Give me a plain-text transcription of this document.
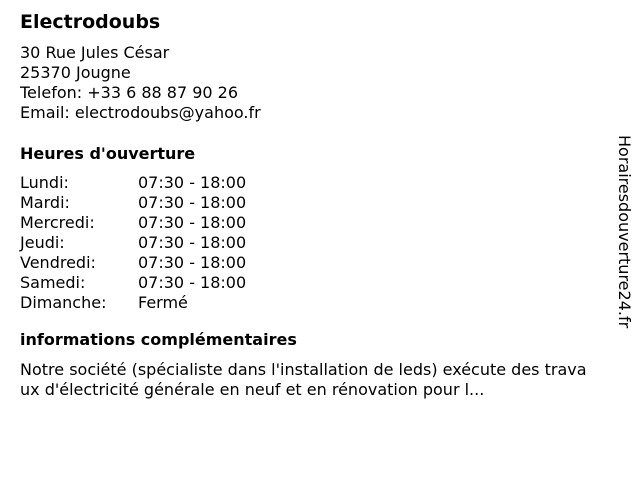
Electrodoubs
30 Rue Jules César
25370 Jougne
Telefon: +33 6 88 87 90 26
Email: electrodoubs@yahoo.fr
Heures d'ouverture
Lundi:	07:30 - 18:00
Mardi:	07:30 - 18:00
Mercredi:	07:30 - 18:00
Jeudi:	07:30 - 18:00
Vendredi:	07:30 - 18:00
Samedi:	07:30 - 18:00
Dimanche:	Fermé
informations complémentaires
Notre société (spécialiste dans l'installation de leds) exécute des travaux d'électricité générale en neuf et en rénovation pour l...
Horairesdouverture24.fr
